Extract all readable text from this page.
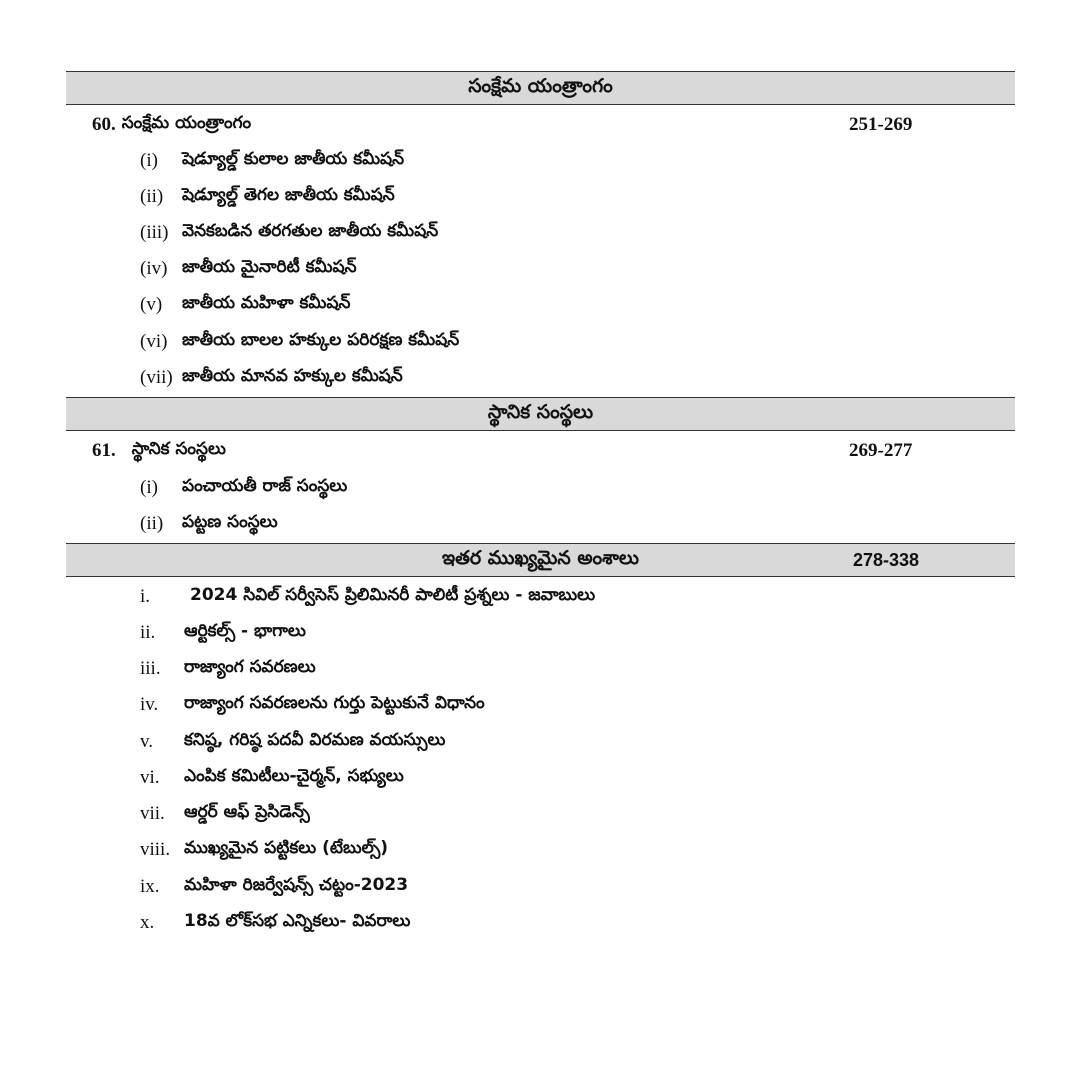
సంక్షేమ యంత్రాంగం
60. సంక్షేమ యంత్రాంగం	251-269
(i)	షెడ్యూల్డ్ కులాల జాతీయ కమీషన్
(ii)	షెడ్యూల్డ్ తెగల జాతీయ కమీషన్
(iii) వెనకబడిన తరగతుల జాతీయ కమీషన్
(iv) జాతీయ మైనారిటీ కమీషన్
(v)	జాతీయ మహిళా కమీషన్
(vi) జాతీయ బాలల హక్కుల పరిరక్షణ కమీషన్
(vii) జాతీయ మానవ హక్కుల కమీషన్
స్థానిక సంస్థలు
61. స్థానిక సంస్థలు	269-277
(i)	పంచాయతీ రాజ్ సంస్థలు
(ii)	పట్టణ సంస్థలు
ఇతర ముఖ్యమైన అంశాలు	278-338
i.	2024 సివిల్ సర్వీసెస్ ప్రిలిమినరీ పాలిటీ ప్రశ్నలు - జవాబులు
ii.	ఆర్టికల్స్ - భాగాలు
iii.	రాజ్యాంగ సవరణలు
iv.	రాజ్యాంగ సవరణలను గుర్తు పెట్టుకునే విధానం
v.	కనిష్ఠ, గరిష్ఠ పదవీ విరమణ వయస్సులు
vi.	ఎంపిక కమిటీలు-చైర్మన్, సభ్యులు
vii.	ఆర్డర్ ఆఫ్ ప్రెసిడెన్స్
viii. ముఖ్యమైన పట్టికలు (టేబుల్స్)
ix.	మహిళా రిజర్వేషన్స్ చట్టం-2023
x.	18వ లోక్‌సభ ఎన్నికలు- వివరాలు
